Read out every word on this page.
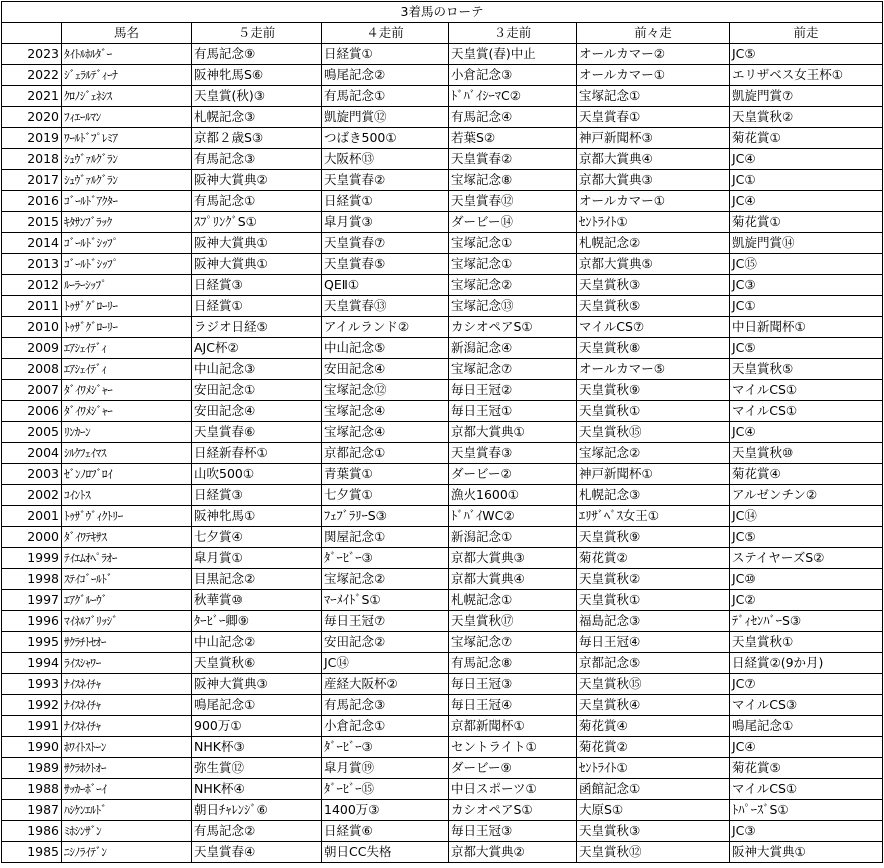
3着馬のローテ						
	馬名	５走前	４走前	３走前	前々走	前走
2023	ﾀｲﾄﾙﾎﾙﾀﾞｰ	有馬記念⑨	日経賞①	天皇賞(春)中止	オールカマー②	JC⑤
2022	ｼﾞｪﾗﾙﾃﾞｨｰﾅ	阪神牝馬S⑥	鳴尾記念②	小倉記念③	オールカマー①	エリザベス女王杯①
2021	ｸﾛﾉｼﾞｪﾈｼｽ	天皇賞(秋)③	有馬記念①	ﾄﾞﾊﾞｲｼｰﾏC②	宝塚記念①	凱旋門賞⑦
2020	ﾌｨｴｰﾙﾏﾝ	札幌記念③	凱旋門賞⑫	有馬記念④	天皇賞春①	天皇賞秋②
2019	ﾜｰﾙﾄﾞﾌﾟﾚﾐｱ	京都２歳S③	つばき500①	若葉S②	神戸新聞杯③	菊花賞①
2018	ｼｭｳﾞｧﾙｸﾞﾗﾝ	有馬記念③	大阪杯⑬	天皇賞春②	京都大賞典④	JC④
2017	ｼｭｳﾞｧﾙｸﾞﾗﾝ	阪神大賞典②	天皇賞春②	宝塚記念⑧	京都大賞典③	JC①
2016	ｺﾞｰﾙﾄﾞｱｸﾀｰ	有馬記念①	日経賞①	天皇賞春⑫	オールカマー①	JC④
2015	ｷﾀｻﾝﾌﾞﾗｯｸ	ｽﾌﾟﾘﾝｸﾞS①	皐月賞③	ダービー⑭	ｾﾝﾄﾗｲﾄ①	菊花賞①
2014	ｺﾞｰﾙﾄﾞｼｯﾌﾟ	阪神大賞典①	天皇賞春⑦	宝塚記念①	札幌記念②	凱旋門賞⑭
2013	ｺﾞｰﾙﾄﾞｼｯﾌﾟ	阪神大賞典①	天皇賞春⑤	宝塚記念①	京都大賞典⑤	JC⑮
2012	ﾙｰﾗｰｼｯﾌﾟ	日経賞③	QEⅡ①	宝塚記念②	天皇賞秋③	JC③
2011	ﾄｩｻﾞｸﾞﾛｰﾘｰ	日経賞①	天皇賞春⑬	宝塚記念⑬	天皇賞秋⑤	JC①
2010	ﾄｩｻﾞｸﾞﾛｰﾘｰ	ラジオ日経⑤	アイルランド②	カシオペアS①	マイルCS⑦	中日新聞杯①
2009	ｴｱｼｪｲﾃﾞｨ	AJC杯②	中山記念⑤	新潟記念④	天皇賞秋⑧	JC⑤
2008	ｴｱｼｪｲﾃﾞｨ	中山記念③	安田記念④	宝塚記念⑦	オールカマー⑤	天皇賞秋⑤
2007	ﾀﾞｲﾜﾒｼﾞｬｰ	安田記念①	宝塚記念⑫	毎日王冠②	天皇賞秋⑨	マイルCS①
2006	ﾀﾞｲﾜﾒｼﾞｬｰ	安田記念④	宝塚記念④	毎日王冠①	天皇賞秋①	マイルCS①
2005	ﾘﾝｶｰﾝ	天皇賞春⑥	宝塚記念④	京都大賞典①	天皇賞秋⑮	JC④
2004	ｼﾙｸﾌｪｲﾏｽ	日経新春杯①	京都記念①	天皇賞春③	宝塚記念②	天皇賞秋⑩
2003	ｾﾞﾝﾉﾛﾌﾞﾛｲ	山吹500①	青葉賞①	ダービー②	神戸新聞杯①	菊花賞④
2002	ｺｲﾝﾄｽ	日経賞③	七夕賞①	漁火1600①	札幌記念③	アルゼンチン②
2001	ﾄｩｻﾞｳﾞｨｸﾄﾘｰ	阪神牝馬①	ﾌｪﾌﾞﾗﾘｰS③	ﾄﾞﾊﾞｲWC②	ｴﾘｻﾞﾍﾞｽ女王①	JC⑭
2000	ﾀﾞｲﾜﾃｷｻｽ	七夕賞④	関屋記念①	新潟記念①	天皇賞秋⑨	JC⑤
1999	ﾃｲｴﾑｵﾍﾟﾗｵｰ	皐月賞①	ﾀﾞｰﾋﾞｰ③	京都大賞典③	菊花賞②	ステイヤーズS②
1998	ｽﾃｲｺﾞｰﾙﾄﾞ	目黒記念②	宝塚記念②	京都大賞典④	天皇賞秋②	JC⑩
1997	ｴｱｸﾞﾙｰｳﾞ	秋華賞⑩	ﾏｰﾒｲﾄﾞS①	札幌記念①	天皇賞秋①	JC②
1996	ﾏｲﾈﾙﾌﾞﾘｯｼﾞ	ﾀｰﾋﾞｰ卿⑨	毎日王冠⑦	天皇賞秋⑰	福島記念③	ﾃﾞｨｾﾝﾊﾞｰS③
1995	ｻｸﾗﾁﾄｾｵｰ	中山記念②	安田記念②	宝塚記念⑦	毎日王冠④	天皇賞秋①
1994	ﾗｲｽｼｬﾜｰ	天皇賞秋⑥	JC⑭	有馬記念⑧	京都記念⑤	日経賞②(9か月)
1993	ﾅｲｽﾈｲﾁｬ	阪神大賞典③	産経大阪杯②	毎日王冠③	天皇賞秋⑮	JC⑦
1992	ﾅｲｽﾈｲﾁｬ	鳴尾記念①	有馬記念③	毎日王冠④	天皇賞秋④	マイルCS③
1991	ﾅｲｽﾈｲﾁｬ	900万①	小倉記念①	京都新聞杯①	菊花賞④	鳴尾記念①
1990	ﾎﾜｲﾄｽﾄｰﾝ	NHK杯③	ﾀﾞｰﾋﾞｰ③	セントライト①	菊花賞②	JC④
1989	ｻｸﾗﾎｸﾄｵｰ	弥生賞⑫	皐月賞⑲	ダービー⑨	ｾﾝﾄﾗｲﾄ①	菊花賞⑤
1988	ｻｯｶｰﾎﾞｰｲ	NHK杯④	ﾀﾞｰﾋﾞｰ⑮	中日スポーツ①	函館記念①	マイルCS①
1987	ﾊｼｹﾝｴﾙﾄﾞ	朝日ﾁｬﾚﾝｼﾞ⑥	1400万③	カシオペアS①	大原S①	ﾄﾊﾟｰｽﾞS①
1986	ﾐﾎｼﾝｻﾞﾝ	有馬記念②	日経賞⑥	毎日王冠③	天皇賞秋③	JC③
1985	ﾆｼﾉﾗｲﾃﾞﾝ	天皇賞春④	朝日CC失格	京都大賞典②	天皇賞秋⑫	阪神大賞典①
